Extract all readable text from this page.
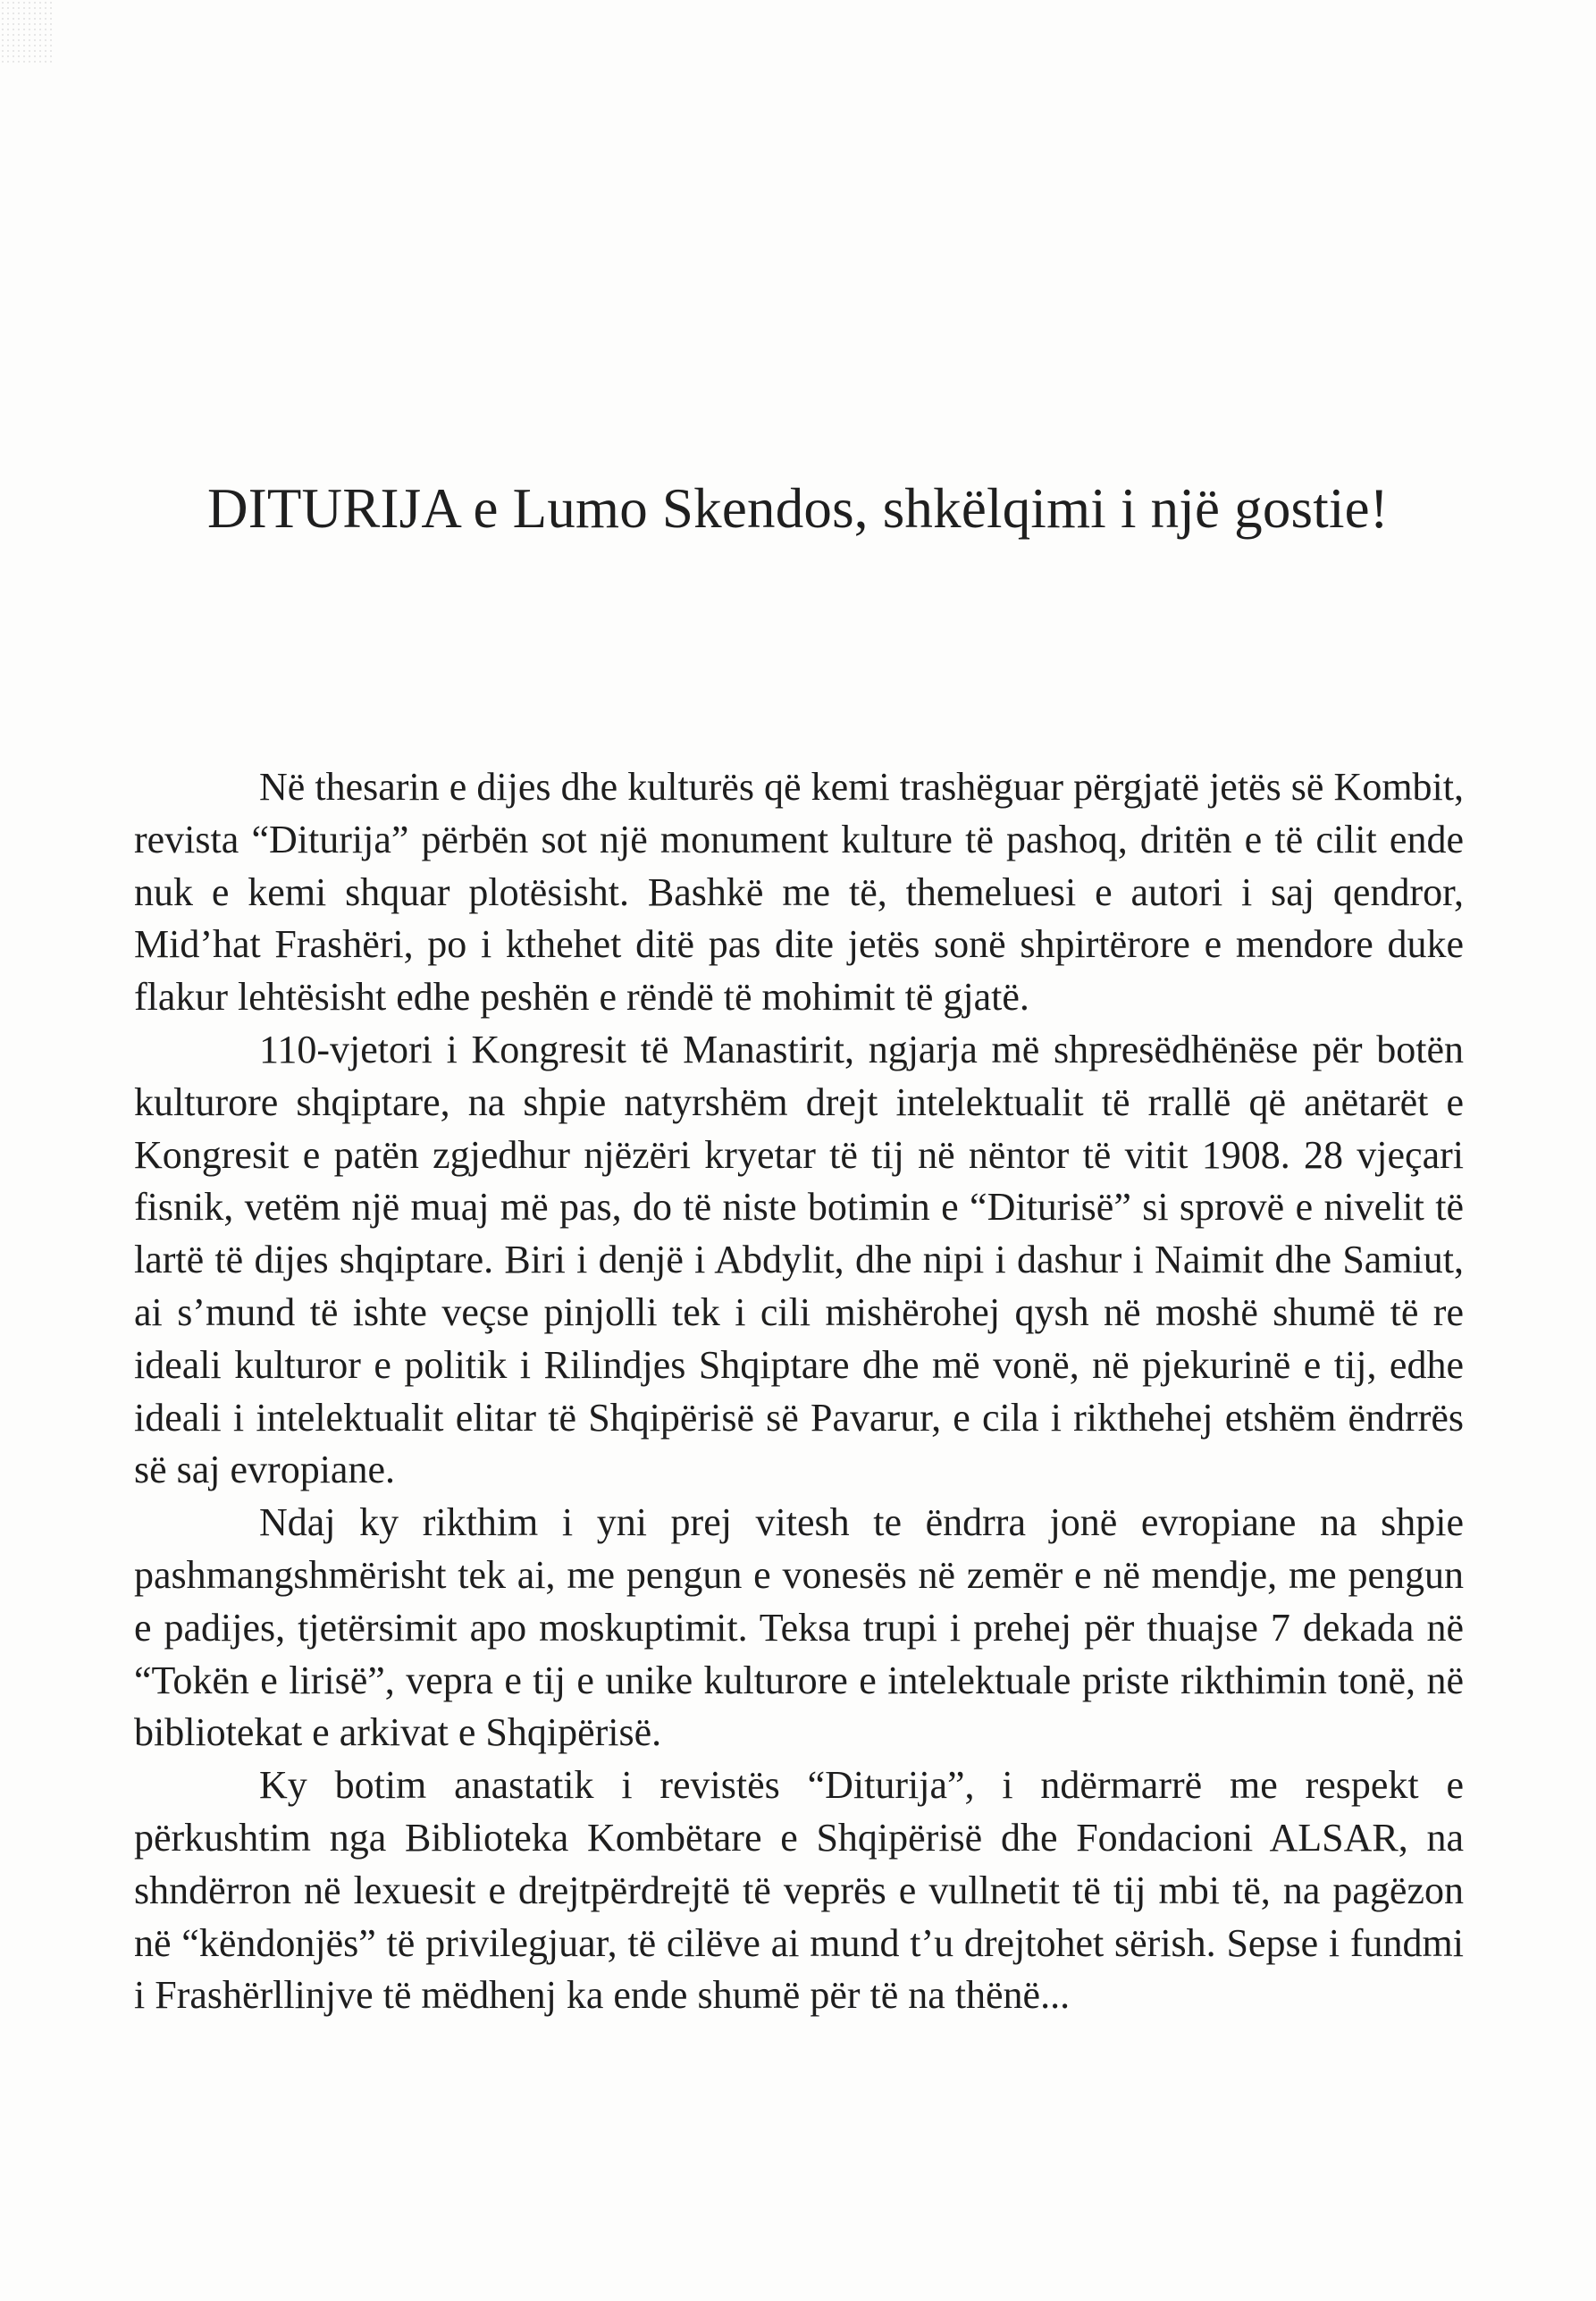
DITURIJA e Lumo Skendos, shkëlqimi i një gostie!

Në thesarin e dijes dhe kulturës që kemi trashëguar përgjatë jetës së Kombit, revista “Diturija” përbën sot një monument kulture të pashoq, dritën e të cilit ende nuk e kemi shquar plotësisht. Bashkë me të, themeluesi e autori i saj qendror, Mid’hat Frashëri, po i kthehet ditë pas dite jetës sonë shpirtërore e mendore duke flakur lehtësisht edhe peshën e rëndë të mohimit të gjatë.

110-vjetori i Kongresit të Manastirit, ngjarja më shpresëdhënëse për botën kulturore shqiptare, na shpie natyrshëm drejt intelektualit të rrallë që anëtarët e Kongresit e patën zgjedhur njëzëri kryetar të tij në nëntor të vitit 1908. 28 vjeçari fisnik, vetëm një muaj më pas, do të niste botimin e “Diturisë” si sprovë e nivelit të lartë të dijes shqiptare. Biri i denjë i Abdylit, dhe nipi i dashur i Naimit dhe Samiut, ai s’mund të ishte veçse pinjolli tek i cili mishërohej qysh në moshë shumë të re ideali kulturor e politik i Rilindjes Shqiptare dhe më vonë, në pjekurinë e tij, edhe ideali i intelektualit elitar të Shqipërisë së Pavarur, e cila i rikthehej etshëm ëndrrës së saj evropiane.

Ndaj ky rikthim i yni prej vitesh te ëndrra jonë evropiane na shpie pashmangshmërisht tek ai, me pengun e vonesës në zemër e në mendje, me pengun e padijes, tjetërsimit apo moskuptimit. Teksa trupi i prehej për thuajse 7 dekada në “Tokën e lirisë”, vepra e tij e unike kulturore e intelektuale priste rikthimin tonë, në bibliotekat e arkivat e Shqipërisë.

Ky botim anastatik i revistës “Diturija”, i ndërmarrë me respekt e përkushtim nga Biblioteka Kombëtare e Shqipërisë dhe Fondacioni ALSAR, na shndërron në lexuesit e drejtpërdrejtë të veprës e vullnetit të tij mbi të, na pagëzon në “këndonjës” të privilegjuar, të cilëve ai mund t’u drejtohet sërish. Sepse i fundmi i Frashërllinjve të mëdhenj ka ende shumë për të na thënë...
